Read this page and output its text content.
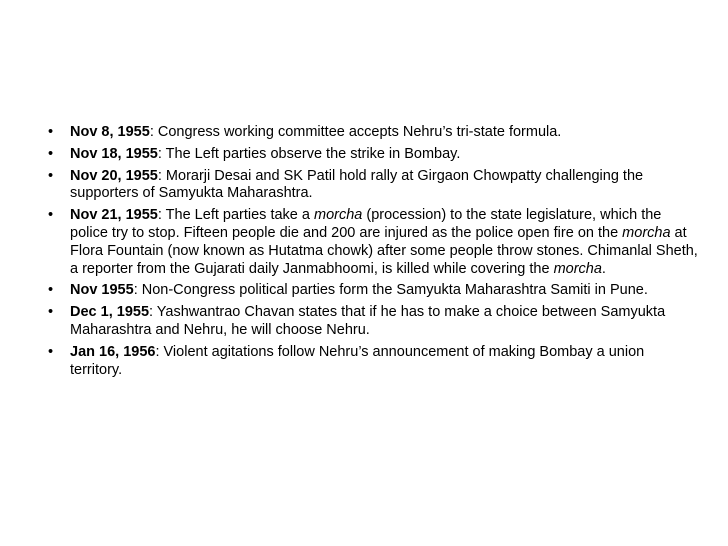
• Nov 8, 1955: Congress working committee accepts Nehru’s tri-state formula.
• Nov 18, 1955: The Left parties observe the strike in Bombay.
• Nov 20, 1955: Morarji Desai and SK Patil hold rally at Girgaon Chowpatty challenging the supporters of Samyukta Maharashtra.
• Nov 21, 1955: The Left parties take a morcha (procession) to the state legislature, which the police try to stop. Fifteen people die and 200 are injured as the police open fire on the morcha at Flora Fountain (now known as Hutatma chowk) after some people throw stones. Chimanlal Sheth, a reporter from the Gujarati daily Janmabhoomi, is killed while covering the morcha.
• Nov 1955: Non-Congress political parties form the Samyukta Maharashtra Samiti in Pune.
• Dec 1, 1955: Yashwantrao Chavan states that if he has to make a choice between Samyukta Maharashtra and Nehru, he will choose Nehru.
• Jan 16, 1956: Violent agitations follow Nehru’s announcement of making Bombay a union territory.
